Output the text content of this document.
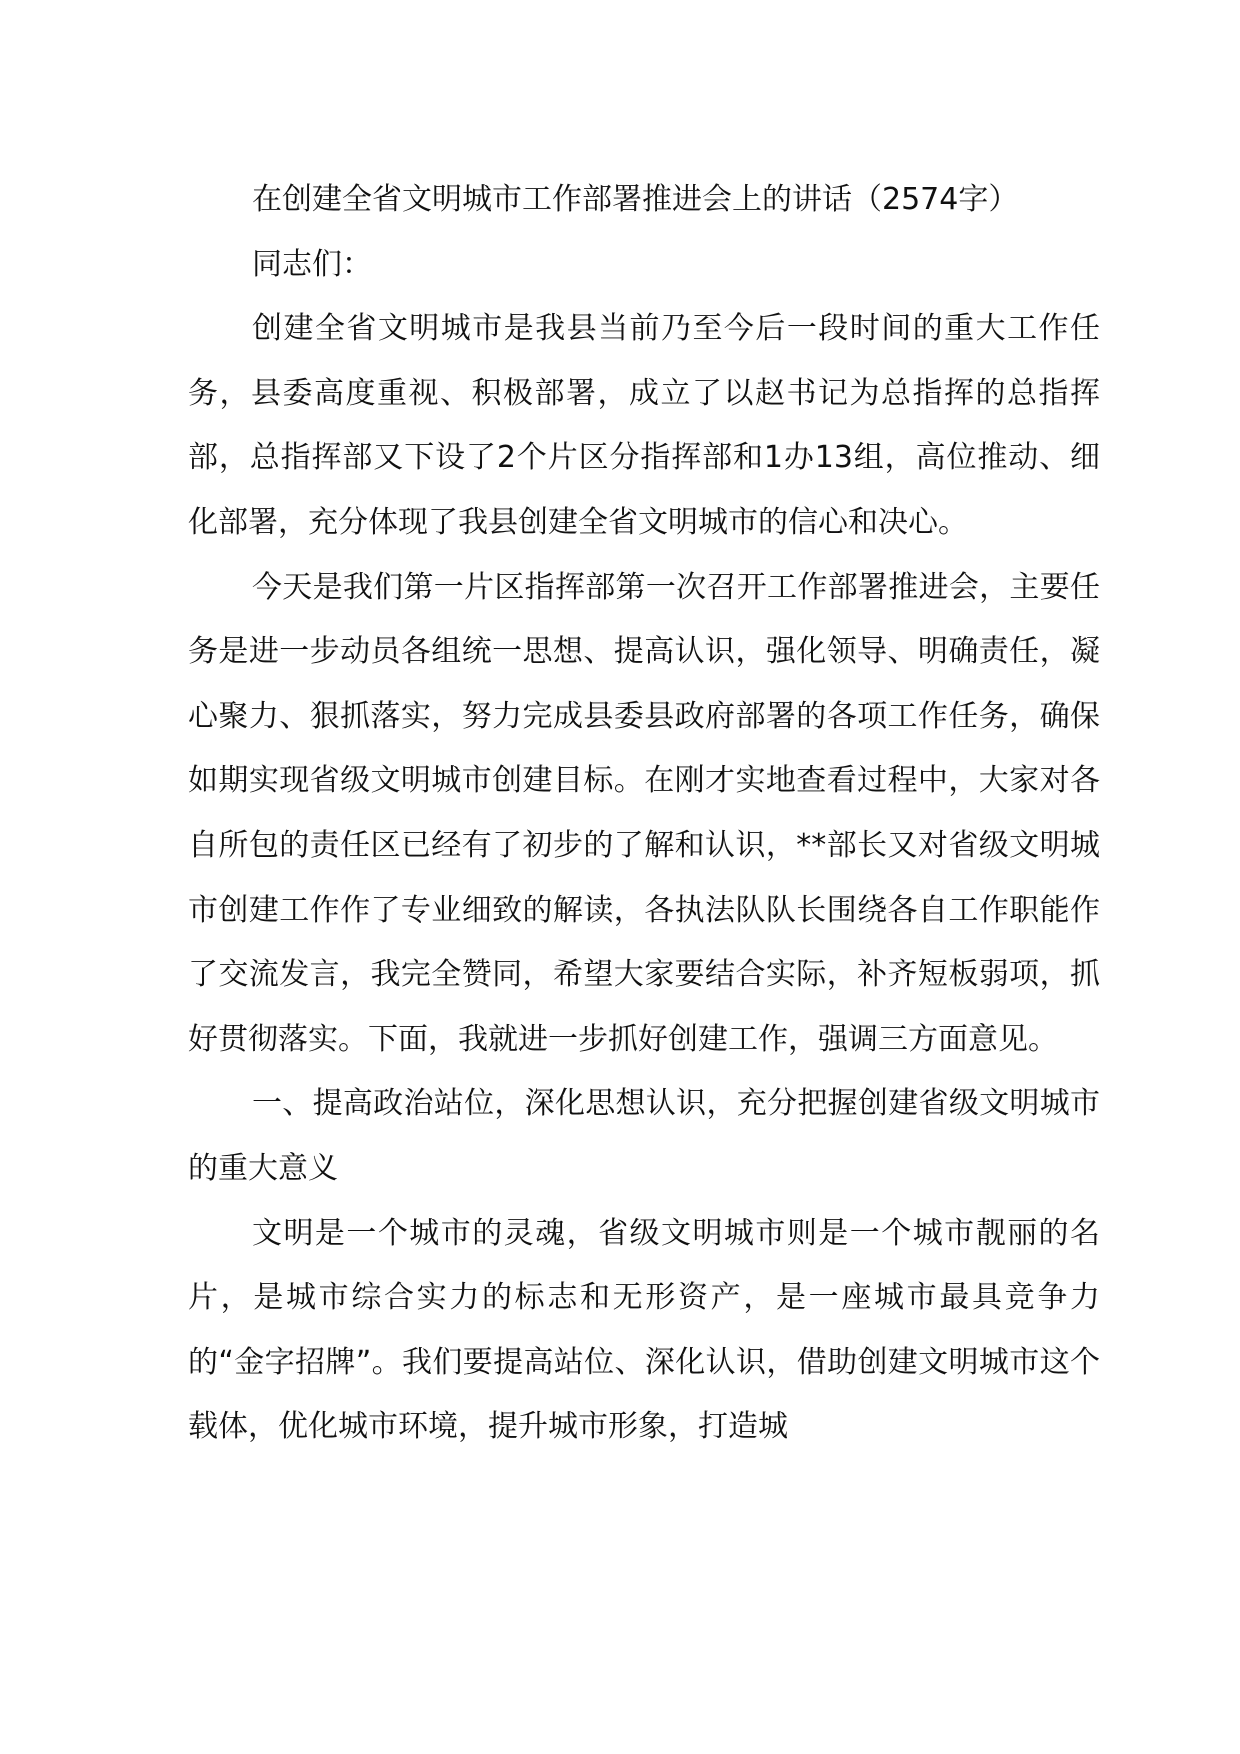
在创建全省文明城市工作部署推进会上的讲话（2574字）

同志们：

创建全省文明城市是我县当前乃至今后一段时间的重大工作任务，县委高度重视、积极部署，成立了以赵书记为总指挥的总指挥部，总指挥部又下设了2个片区分指挥部和1办13组，高位推动、细化部署，充分体现了我县创建全省文明城市的信心和决心。

今天是我们第一片区指挥部第一次召开工作部署推进会，主要任务是进一步动员各组统一思想、提高认识，强化领导、明确责任，凝心聚力、狠抓落实，努力完成县委县政府部署的各项工作任务，确保如期实现省级文明城市创建目标。在刚才实地查看过程中，大家对各自所包的责任区已经有了初步的了解和认识，**部长又对省级文明城市创建工作作了专业细致的解读，各执法队队长围绕各自工作职能作了交流发言，我完全赞同，希望大家要结合实际，补齐短板弱项，抓好贯彻落实。下面，我就进一步抓好创建工作，强调三方面意见。

一、提高政治站位，深化思想认识，充分把握创建省级文明城市的重大意义

文明是一个城市的灵魂，省级文明城市则是一个城市靓丽的名片，是城市综合实力的标志和无形资产，是一座城市最具竞争力的“金字招牌”。我们要提高站位、深化认识，借助创建文明城市这个载体，优化城市环境，提升城市形象，打造城
